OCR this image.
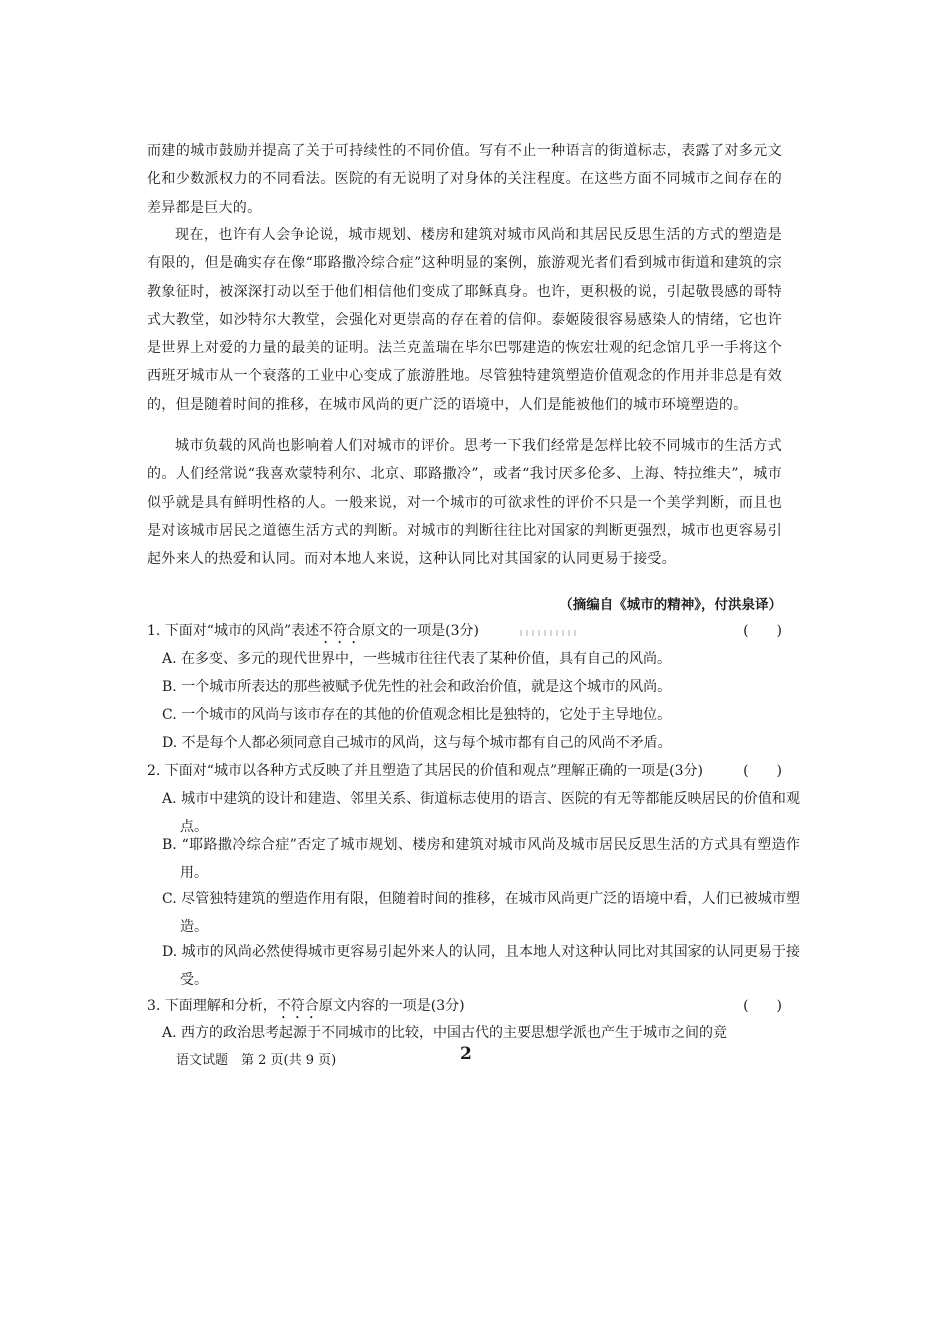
而建的城市鼓励并提高了关于可持续性的不同价值。写有不止一种语言的街道标志，表露了对多元文化和少数派权力的不同看法。医院的有无说明了对身体的关注程度。在这些方面不同城市之间存在的差异都是巨大的。

现在，也许有人会争论说，城市规划、楼房和建筑对城市风尚和其居民反思生活的方式的塑造是有限的，但是确实存在像“耶路撒冷综合症”这种明显的案例，旅游观光者们看到城市街道和建筑的宗教象征时，被深深打动以至于他们相信他们变成了耶稣真身。也许，更积极的说，引起敬畏感的哥特式大教堂，如沙特尔大教堂，会强化对更崇高的存在着的信仰。泰姬陵很容易感染人的情绪，它也许是世界上对爱的力量的最美的证明。法兰克盖瑞在毕尔巴鄂建造的恢宏壮观的纪念馆几乎一手将这个西班牙城市从一个衰落的工业中心变成了旅游胜地。尽管独特建筑塑造价值观念的作用并非总是有效的，但是随着时间的推移，在城市风尚的更广泛的语境中，人们是能被他们的城市环境塑造的。

城市负载的风尚也影响着人们对城市的评价。思考一下我们经常是怎样比较不同城市的生活方式的。人们经常说“我喜欢蒙特利尔、北京、耶路撒冷”，或者“我讨厌多伦多、上海、特拉维夫”，城市似乎就是具有鲜明性格的人。一般来说，对一个城市的可欲求性的评价不只是一个美学判断，而且也是对该城市居民之道德生活方式的判断。对城市的判断往往比对国家的判断更强烈，城市也更容易引起外来人的热爱和认同。而对本地人来说，这种认同比对其国家的认同更易于接受。

（摘编自《城市的精神》，付洪泉译）

1. 下面对“城市的风尚”表述不符合原文的一项是(3分)	(　　)

A. 在多变、多元的现代世界中，一些城市往往代表了某种价值，具有自己的风尚。

B. 一个城市所表达的那些被赋予优先性的社会和政治价值，就是这个城市的风尚。

C. 一个城市的风尚与该市存在的其他的价值观念相比是独特的，它处于主导地位。

D. 不是每个人都必须同意自己城市的风尚，这与每个城市都有自己的风尚不矛盾。

2. 下面对“城市以各种方式反映了并且塑造了其居民的价值和观点”理解正确的一项是(3分)	(　　)

A. 城市中建筑的设计和建造、邻里关系、街道标志使用的语言、医院的有无等都能反映居民的价值和观点。

B. “耶路撒冷综合症”否定了城市规划、楼房和建筑对城市风尚及城市居民反思生活的方式具有塑造作用。

C. 尽管独特建筑的塑造作用有限，但随着时间的推移，在城市风尚更广泛的语境中看，人们已被城市塑造。

D. 城市的风尚必然使得城市更容易引起外来人的认同，且本地人对这种认同比对其国家的认同更易于接受。

3. 下面理解和分析，不符合原文内容的一项是(3分)	(　　)

A. 西方的政治思考起源于不同城市的比较，中国古代的主要思想学派也产生于城市之间的竞

语文试题　第 2 页(共 9 页)	2
